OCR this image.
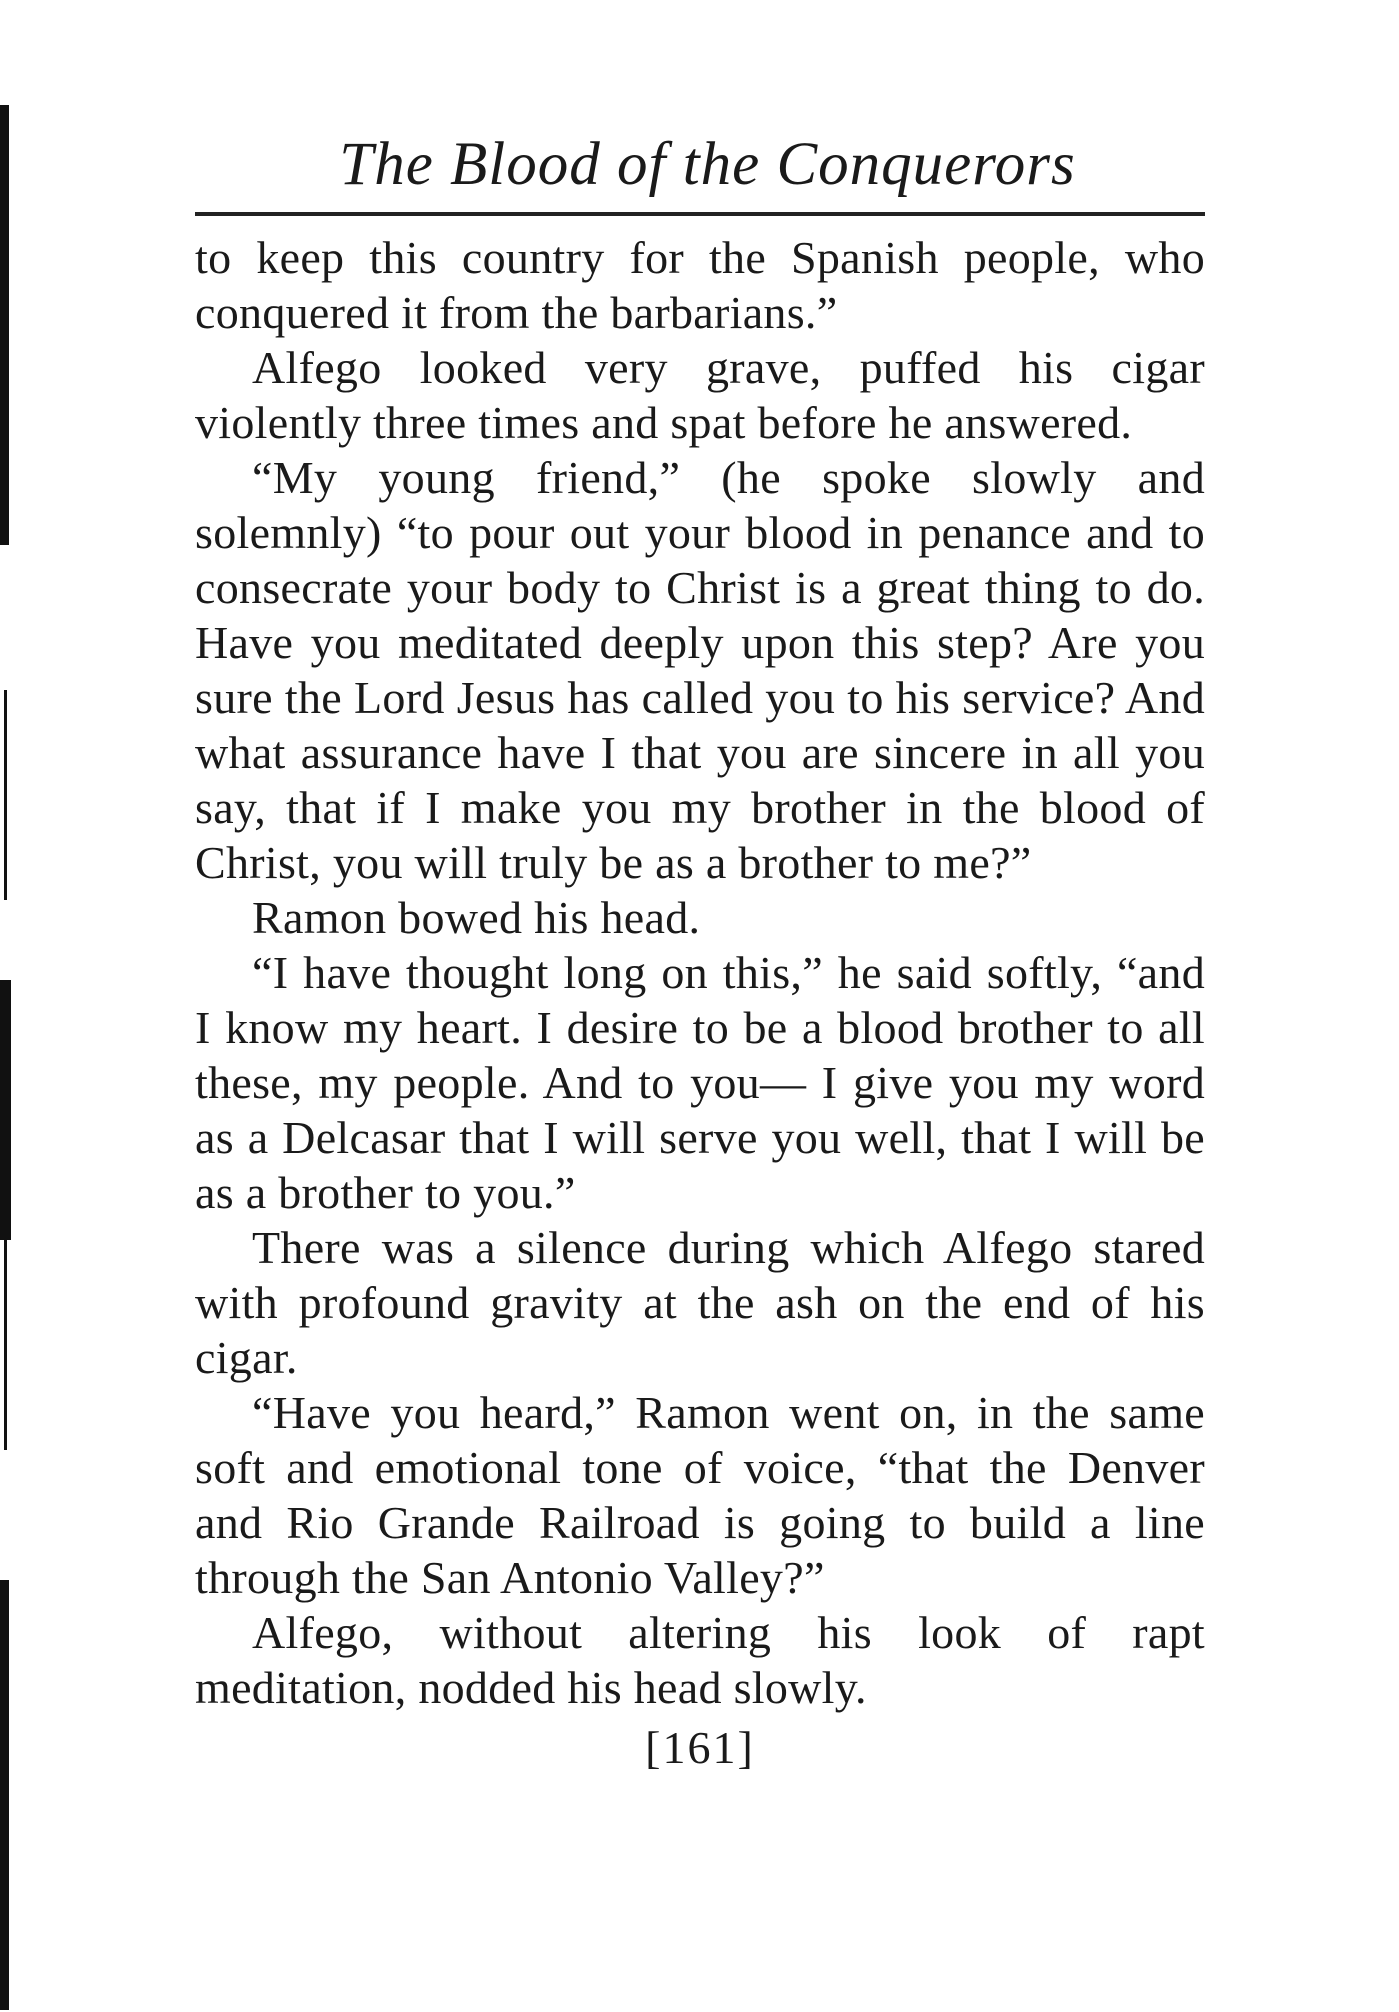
The Blood of the Conquerors

to keep this country for the Spanish people, who conquered it from the barbarians.”

Alfego looked very grave, puffed his cigar violently three times and spat before he answered.

“My young friend,” (he spoke slowly and solemnly) “to pour out your blood in penance and to consecrate your body to Christ is a great thing to do. Have you meditated deeply upon this step? Are you sure the Lord Jesus has called you to his service? And what assurance have I that you are sincere in all you say, that if I make you my brother in the blood of Christ, you will truly be as a brother to me?”

Ramon bowed his head.

“I have thought long on this,” he said softly, “and I know my heart. I desire to be a blood brother to all these, my people. And to you— I give you my word as a Delcasar that I will serve you well, that I will be as a brother to you.”

There was a silence during which Alfego stared with profound gravity at the ash on the end of his cigar.

“Have you heard,” Ramon went on, in the same soft and emotional tone of voice, “that the Denver and Rio Grande Railroad is going to build a line through the San Antonio Valley?”

Alfego, without altering his look of rapt meditation, nodded his head slowly.

[161]
